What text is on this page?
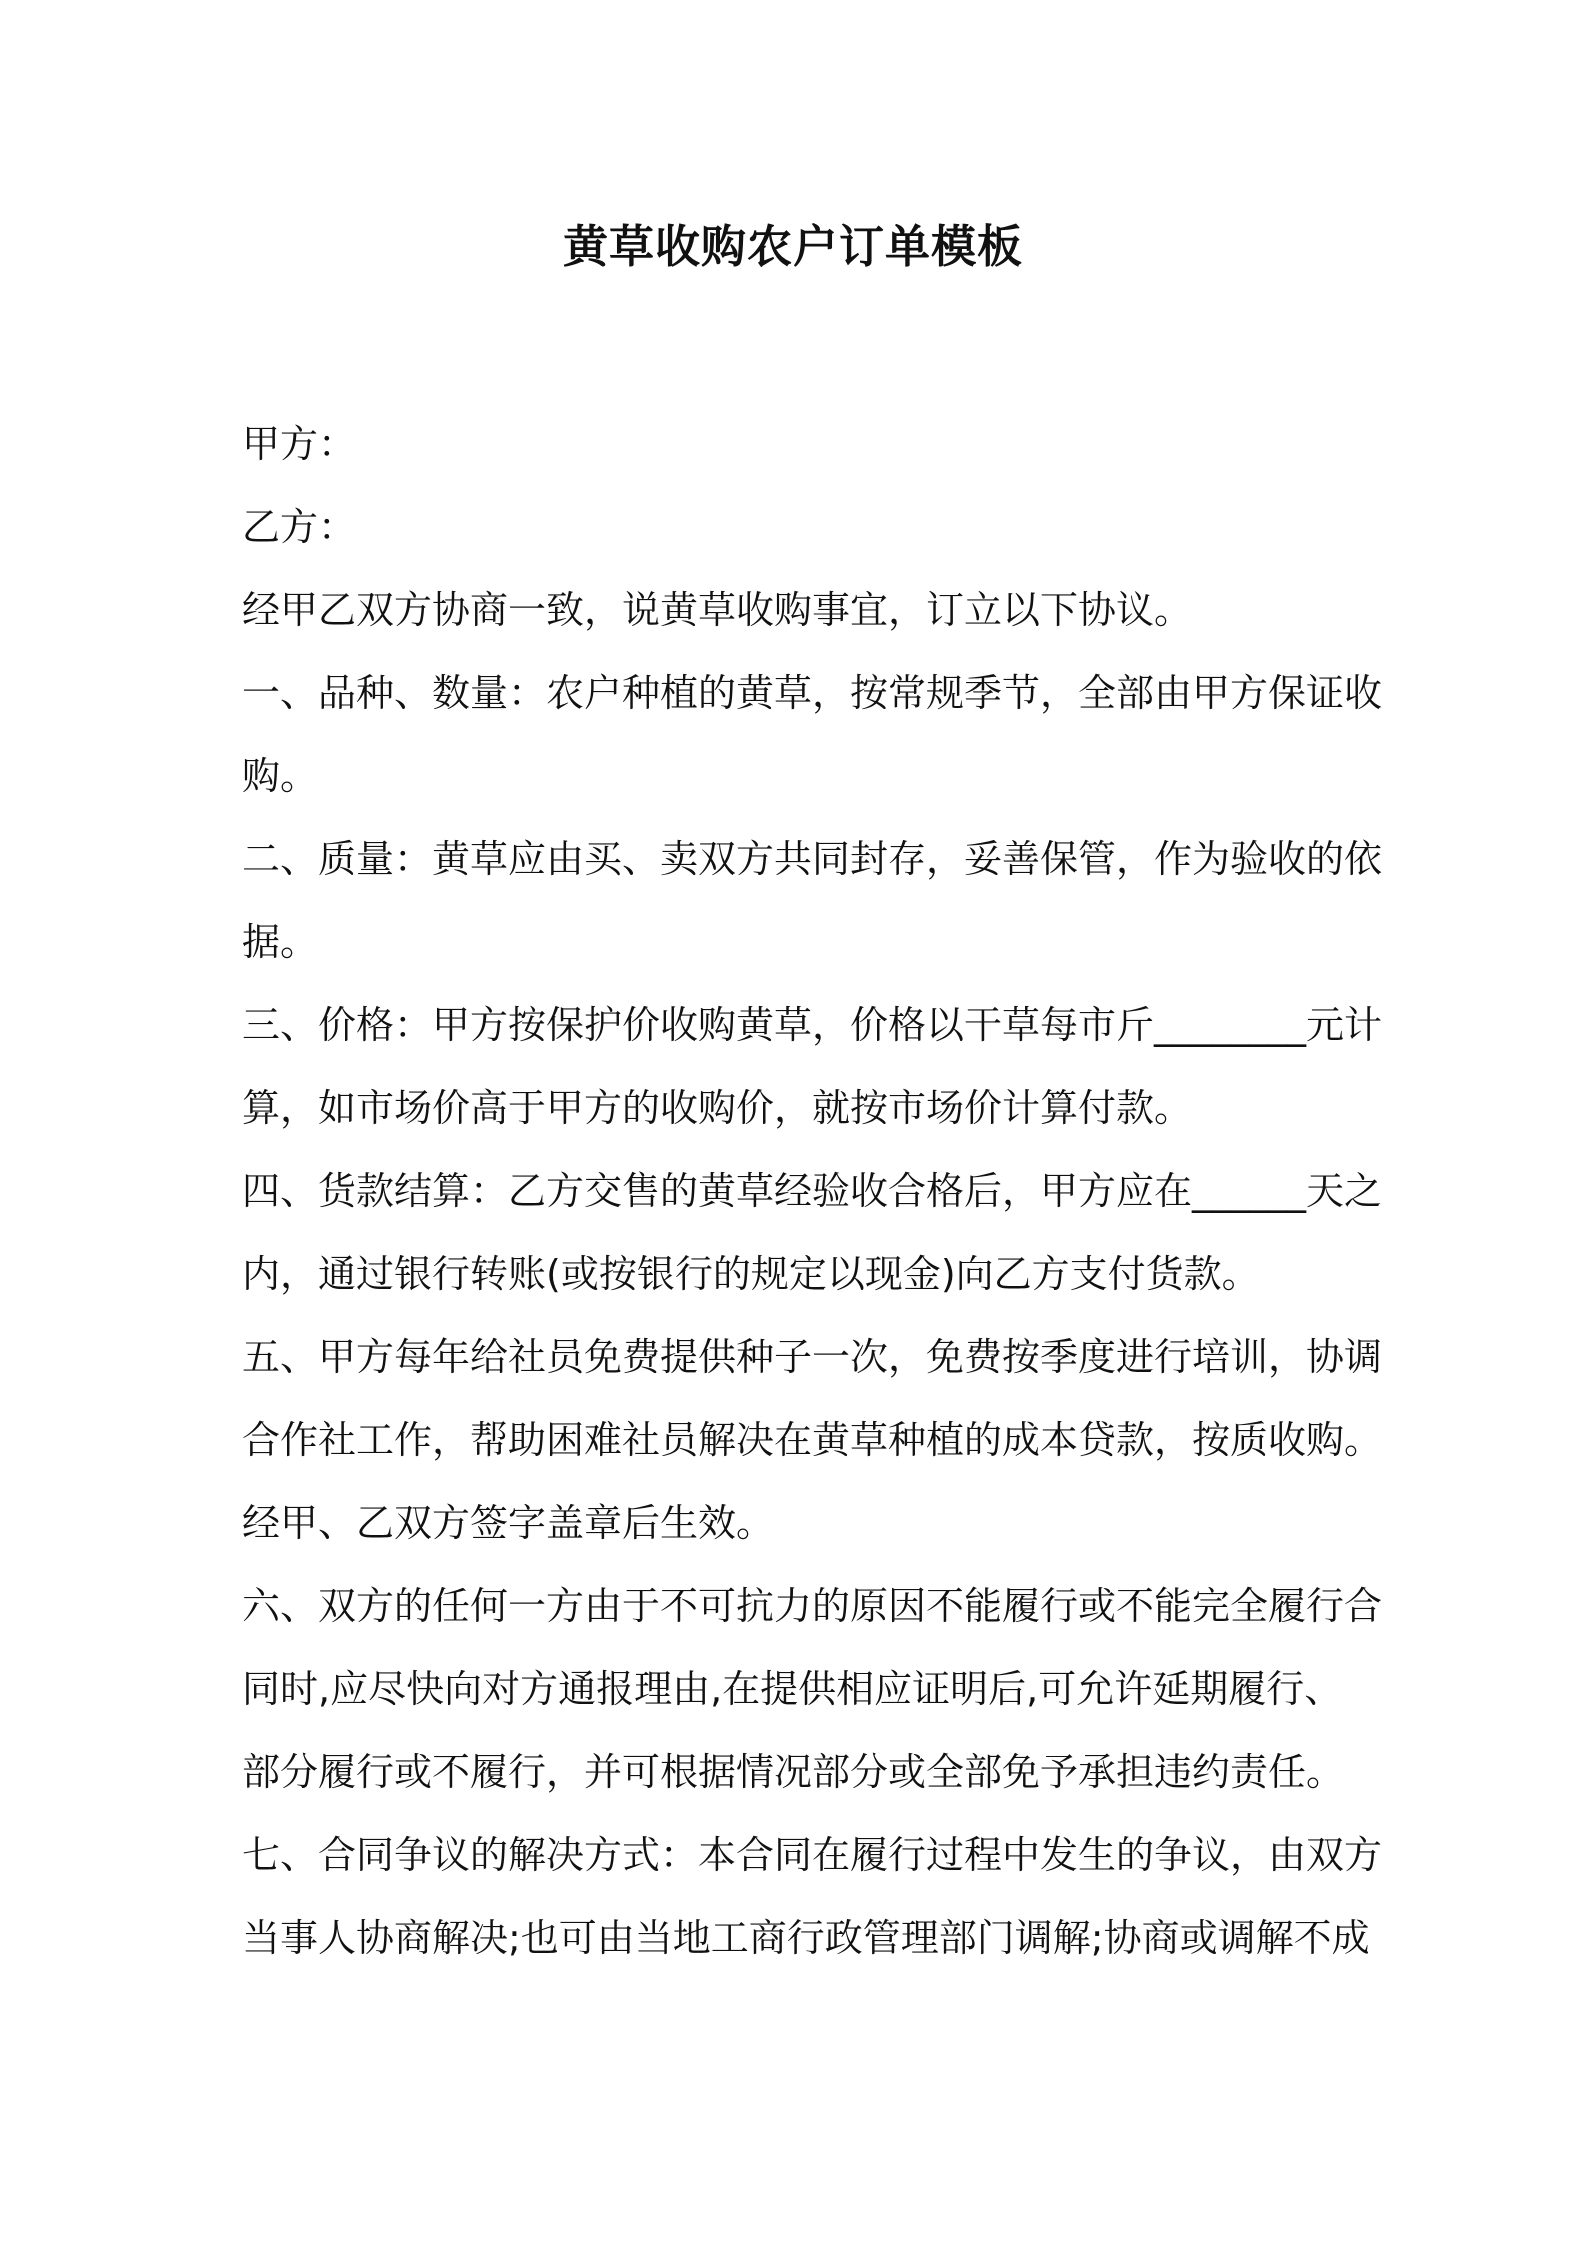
黄草收购农户订单模板
甲方：
乙方：
经甲乙双方协商一致，说黄草收购事宜，订立以下协议。
一、品种、数量：农户种植的黄草，按常规季节，全部由甲方保证收
购。
二、质量：黄草应由买、卖双方共同封存，妥善保管，作为验收的依
据。
三、价格：甲方按保护价收购黄草，价格以干草每市斤________元计
算，如市场价高于甲方的收购价，就按市场价计算付款。
四、货款结算：乙方交售的黄草经验收合格后，甲方应在______天之
内，通过银行转账(或按银行的规定以现金)向乙方支付货款。
五、甲方每年给社员免费提供种子一次，免费按季度进行培训，协调
合作社工作，帮助困难社员解决在黄草种植的成本贷款，按质收购。
经甲、乙双方签字盖章后生效。
六、双方的任何一方由于不可抗力的原因不能履行或不能完全履行合
同时,应尽快向对方通报理由,在提供相应证明后,可允许延期履行、
部分履行或不履行，并可根据情况部分或全部免予承担违约责任。
七、合同争议的解决方式：本合同在履行过程中发生的争议，由双方
当事人协商解决;也可由当地工商行政管理部门调解;协商或调解不成
